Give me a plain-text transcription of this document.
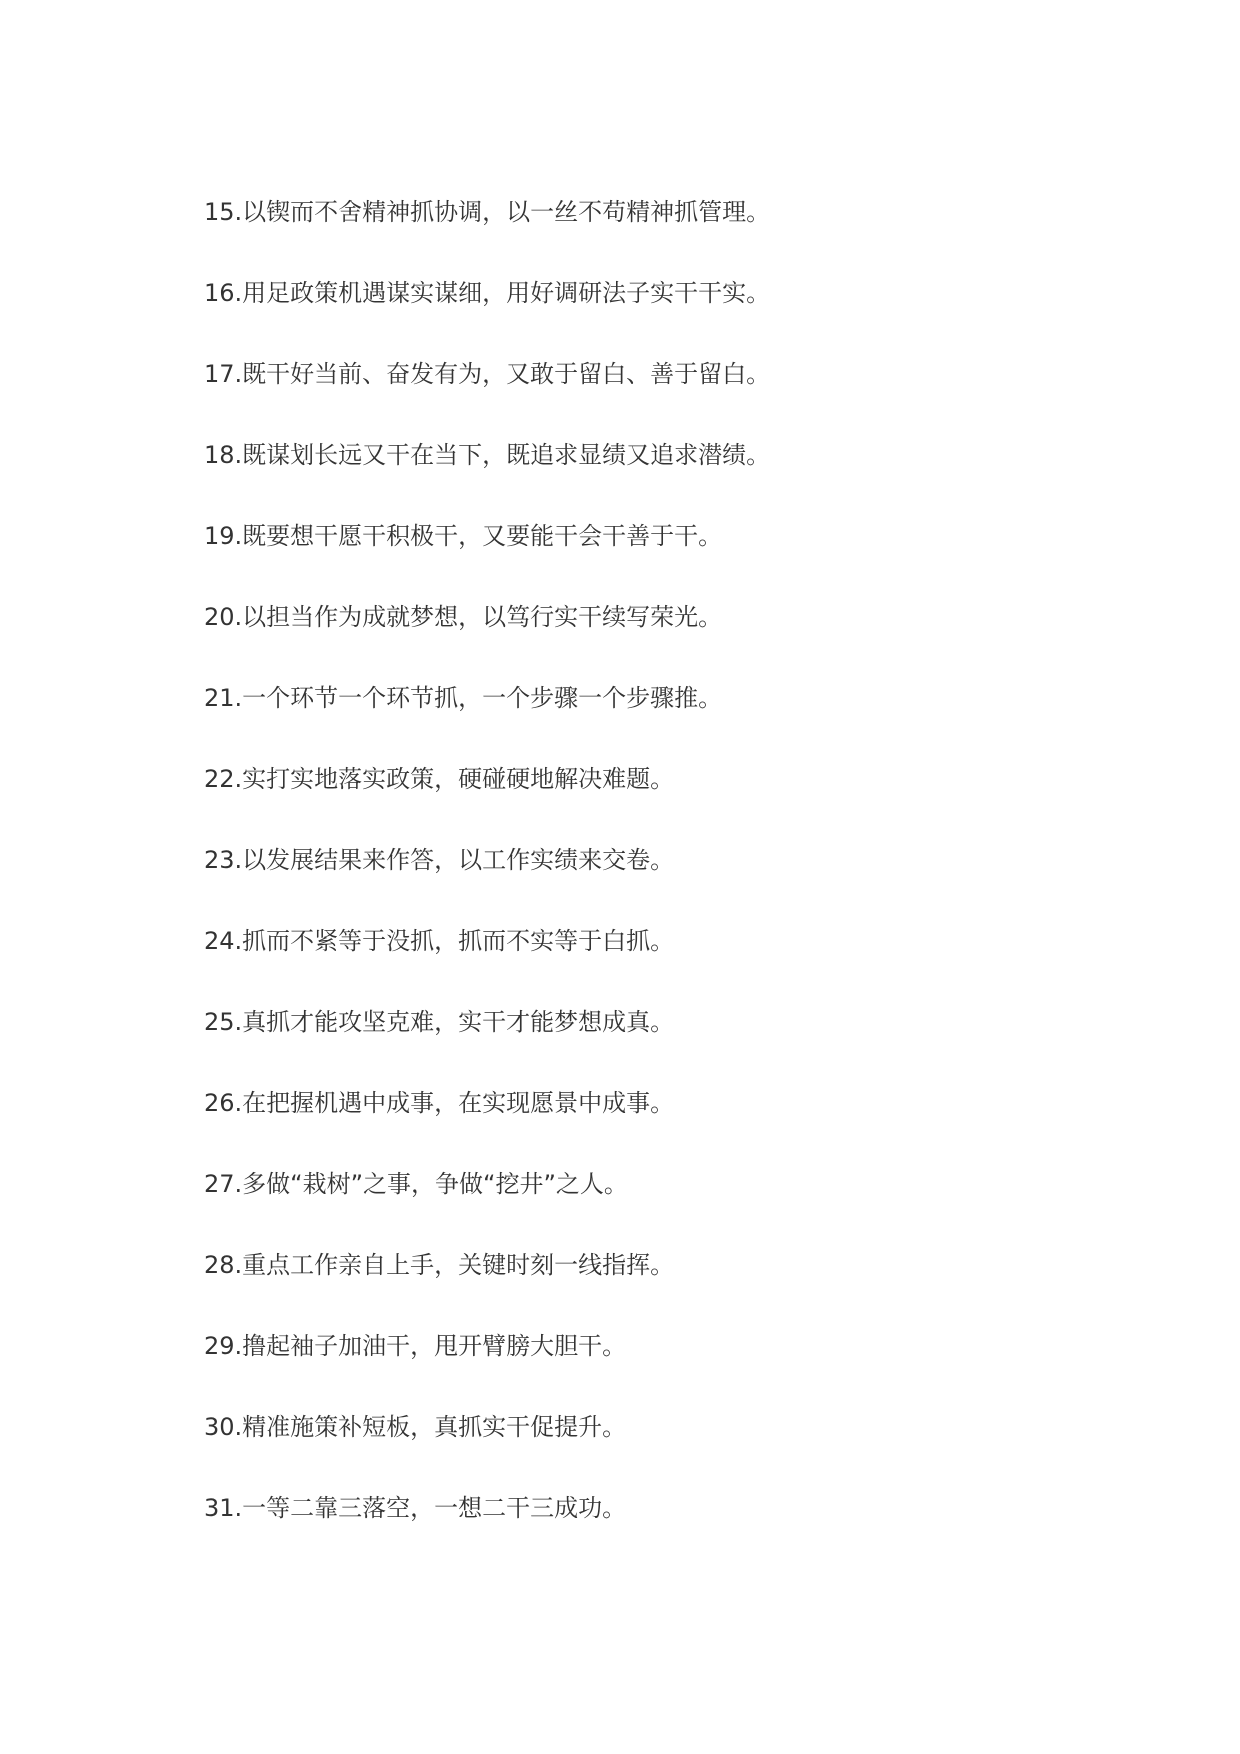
15.以锲而不舍精神抓协调，以一丝不苟精神抓管理。
16.用足政策机遇谋实谋细，用好调研法子实干干实。
17.既干好当前、奋发有为，又敢于留白、善于留白。
18.既谋划长远又干在当下，既追求显绩又追求潜绩。
19.既要想干愿干积极干，又要能干会干善于干。
20.以担当作为成就梦想，以笃行实干续写荣光。
21.一个环节一个环节抓，一个步骤一个步骤推。
22.实打实地落实政策，硬碰硬地解决难题。
23.以发展结果来作答，以工作实绩来交卷。
24.抓而不紧等于没抓，抓而不实等于白抓。
25.真抓才能攻坚克难，实干才能梦想成真。
26.在把握机遇中成事，在实现愿景中成事。
27.多做“栽树”之事，争做“挖井”之人。
28.重点工作亲自上手，关键时刻一线指挥。
29.撸起袖子加油干，甩开臂膀大胆干。
30.精准施策补短板，真抓实干促提升。
31.一等二靠三落空，一想二干三成功。
